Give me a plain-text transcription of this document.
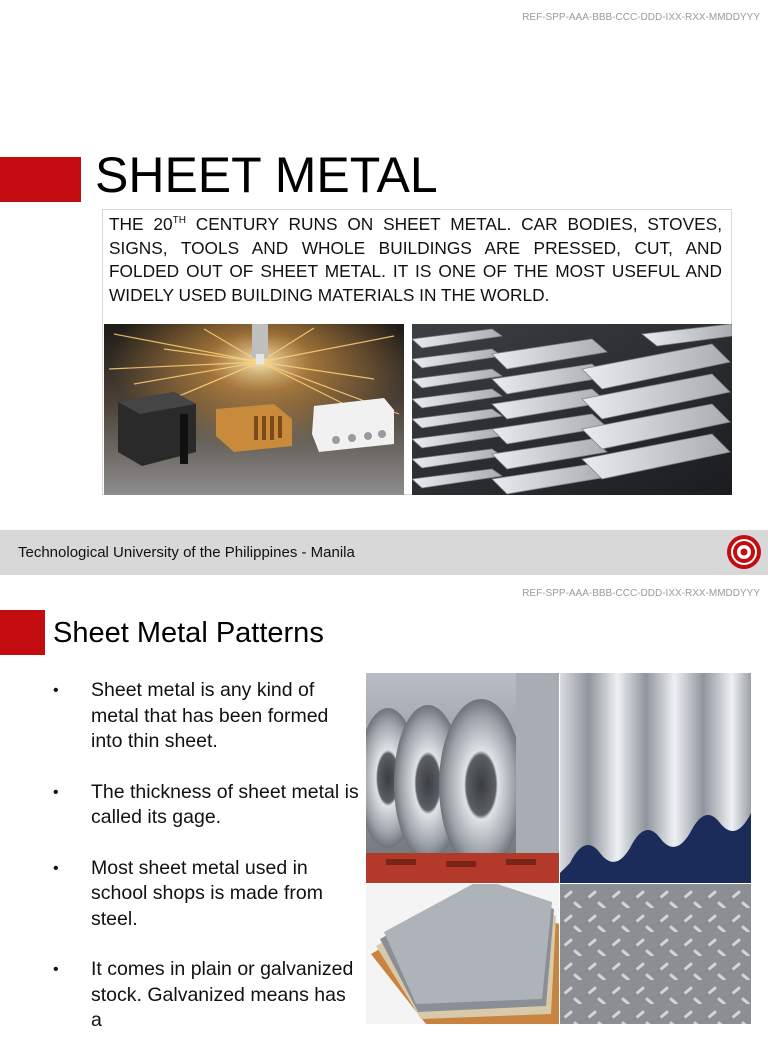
REF-SPP-AAA-BBB-CCC-DDD-IXX-RXX-MMDDYYY
SHEET METAL

THE 20TH CENTURY RUNS ON SHEET METAL. CAR BODIES, STOVES, SIGNS, TOOLS AND WHOLE BUILDINGS ARE PRESSED, CUT, AND FOLDED OUT OF SHEET METAL. IT IS ONE OF THE MOST USEFUL AND WIDELY USED BUILDING MATERIALS IN THE WORLD.

Technological University of the Philippines - Manila
REF-SPP-AAA-BBB-CCC-DDD-IXX-RXX-MMDDYYY
Sheet Metal Patterns
• Sheet metal is any kind of metal that has been formed into thin sheet.
• The thickness of sheet metal is called its gage.
• Most sheet metal used in school shops is made from steel.
• It comes in plain or galvanized stock. Galvanized means has a
